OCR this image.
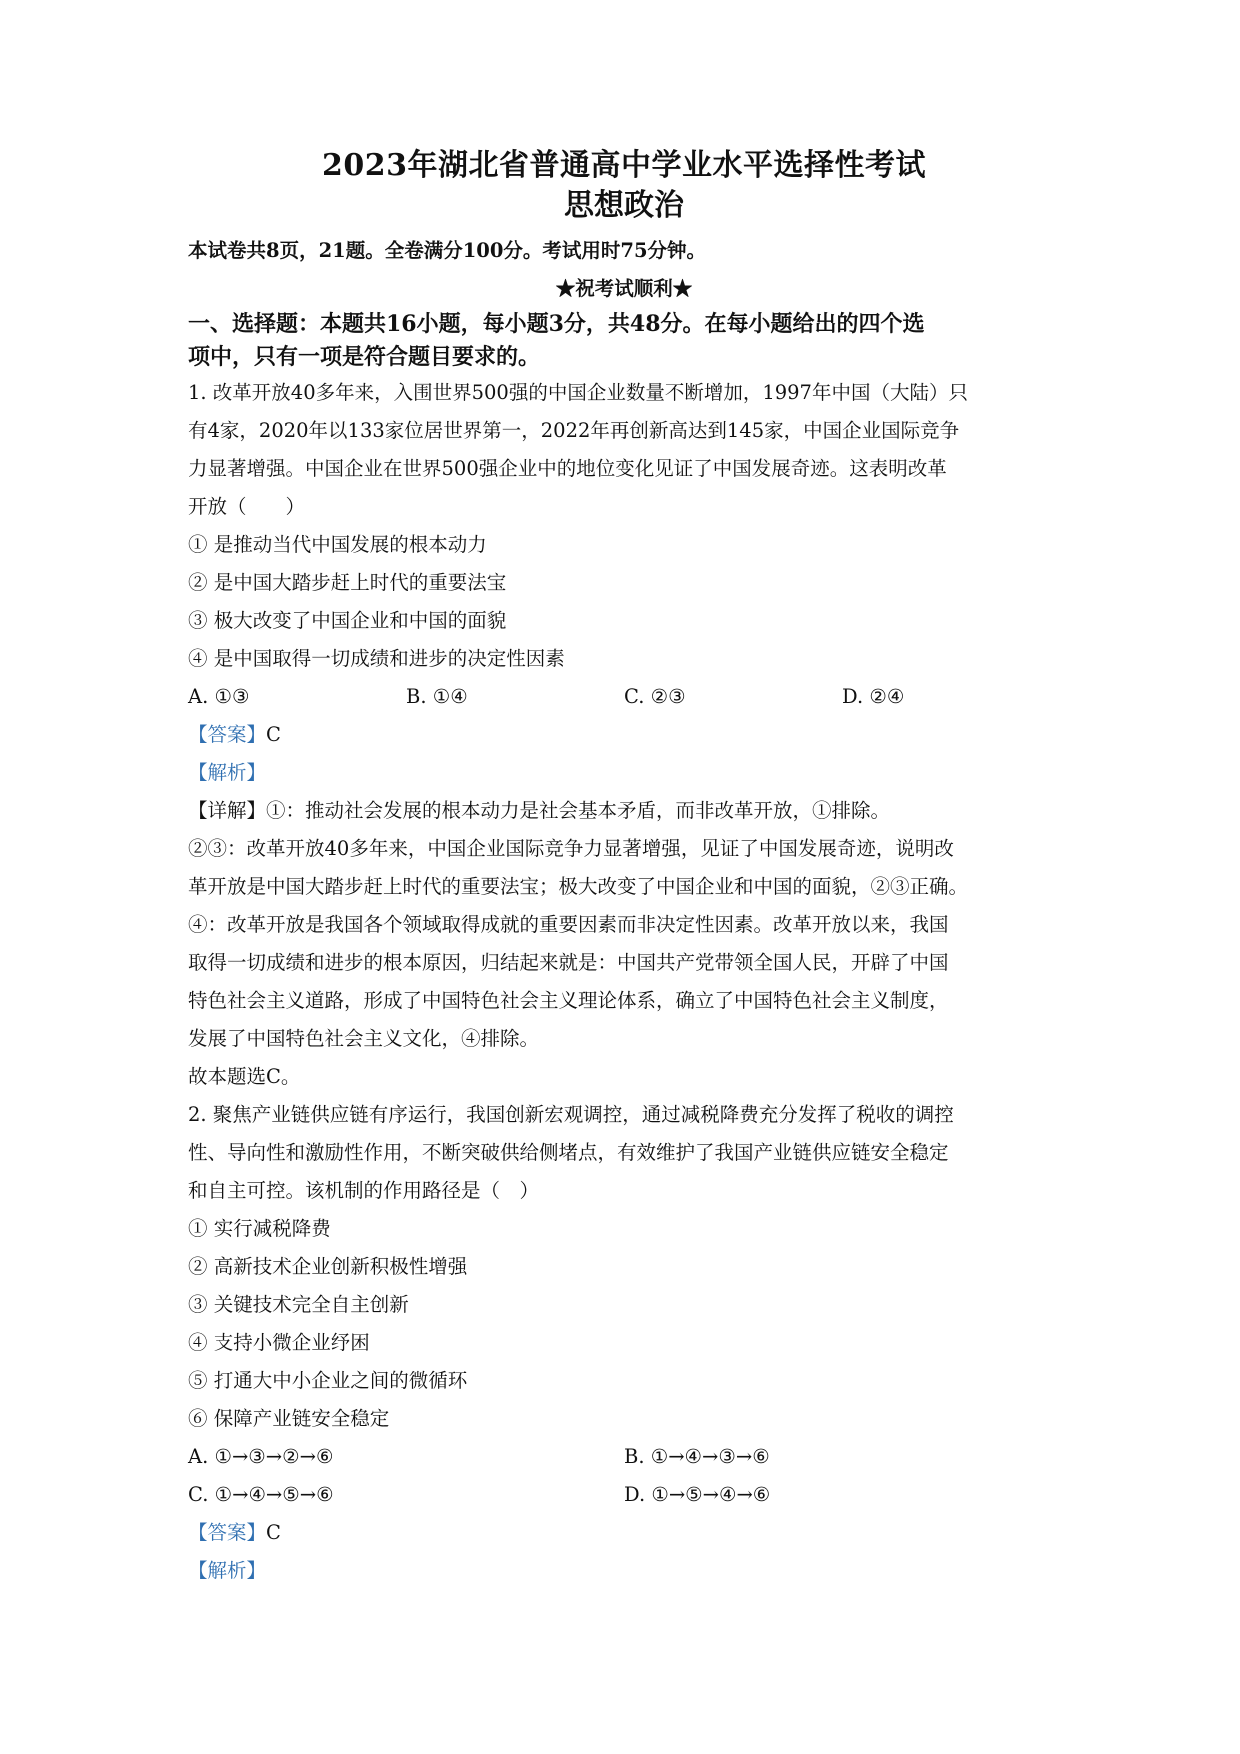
2023年湖北省普通高中学业水平选择性考试
思想政治

本试卷共8页，21题。全卷满分100分。考试用时75分钟。

★祝考试顺利★

一、选择题：本题共16小题，每小题3分，共48分。在每小题给出的四个选

项中，只有一项是符合题目要求的。

1. 改革开放40多年来，入围世界500强的中国企业数量不断增加，1997年中国（大陆）只

有4家，2020年以133家位居世界第一，2022年再创新高达到145家，中国企业国际竞争

力显著增强。中国企业在世界500强企业中的地位变化见证了中国发展奇迹。这表明改革

开放（　　）

① 是推动当代中国发展的根本动力

② 是中国大踏步赶上时代的重要法宝

③ 极大改变了中国企业和中国的面貌

④ 是中国取得一切成绩和进步的决定性因素

A. ①③	B. ①④	C. ②③	D. ②④

【答案】C

【解析】

【详解】①：推动社会发展的根本动力是社会基本矛盾，而非改革开放，①排除。

②③：改革开放40多年来，中国企业国际竞争力显著增强，见证了中国发展奇迹，说明改

革开放是中国大踏步赶上时代的重要法宝；极大改变了中国企业和中国的面貌，②③正确。

④：改革开放是我国各个领域取得成就的重要因素而非决定性因素。改革开放以来，我国

取得一切成绩和进步的根本原因，归结起来就是：中国共产党带领全国人民，开辟了中国

特色社会主义道路，形成了中国特色社会主义理论体系，确立了中国特色社会主义制度，

发展了中国特色社会主义文化，④排除。

故本题选C。

2. 聚焦产业链供应链有序运行，我国创新宏观调控，通过减税降费充分发挥了税收的调控

性、导向性和激励性作用，不断突破供给侧堵点，有效维护了我国产业链供应链安全稳定

和自主可控。该机制的作用路径是（　）

① 实行减税降费

② 高新技术企业创新积极性增强

③ 关键技术完全自主创新

④ 支持小微企业纾困

⑤ 打通大中小企业之间的微循环

⑥ 保障产业链安全稳定

A. ①→③→②→⑥	B. ①→④→③→⑥
C. ①→④→⑤→⑥	D. ①→⑤→④→⑥

【答案】C

【解析】
